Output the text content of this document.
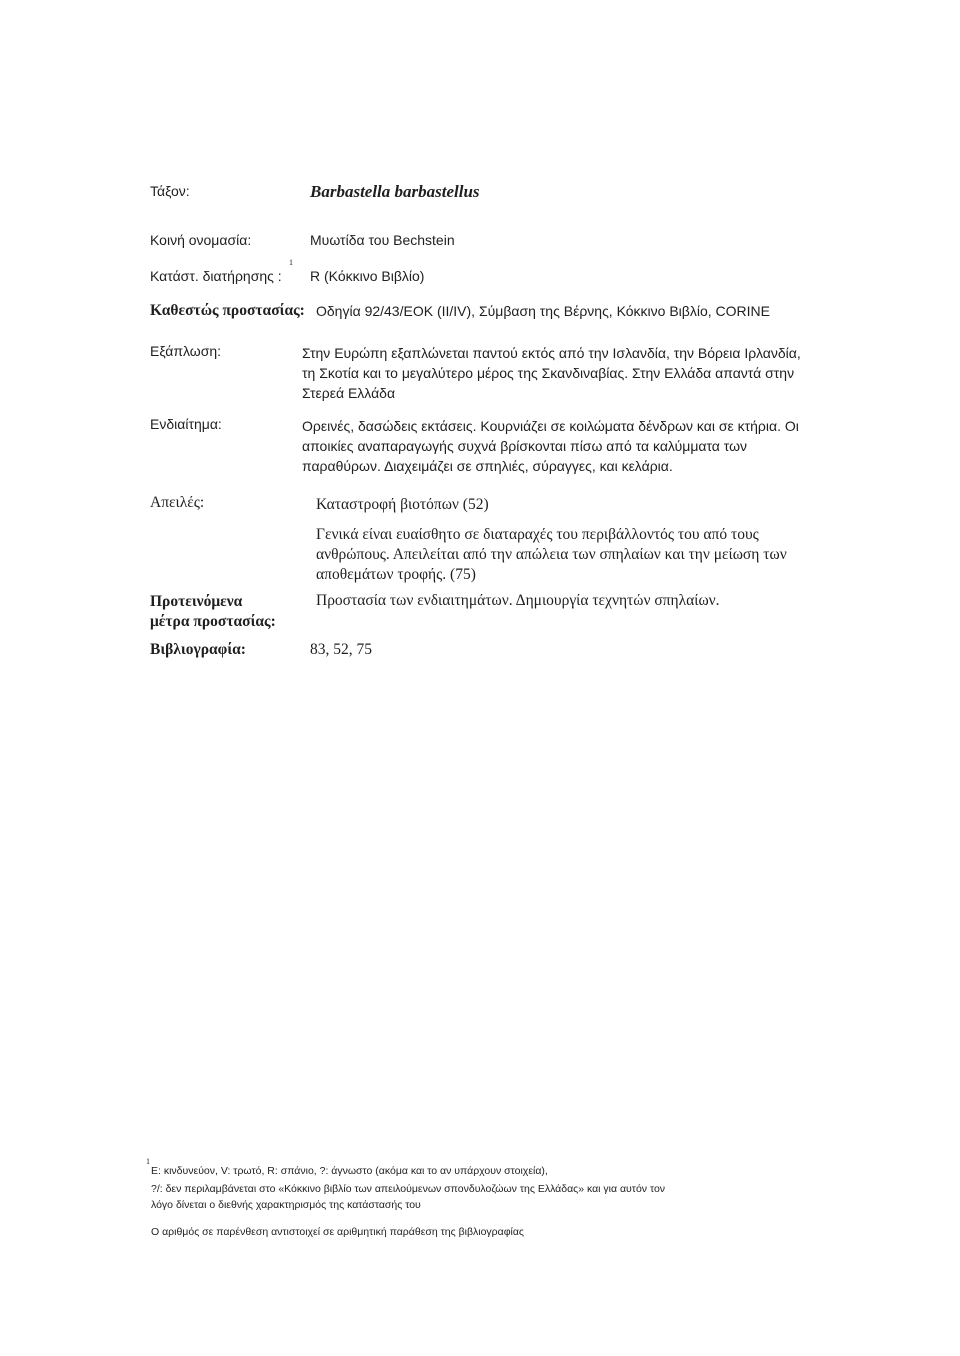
Τάξον:	Barbastella barbastellus
Κοινή ονομασία:	Μυωτίδα του Bechstein
1
Κατάστ. διατήρησης : R (Κόκκινο Βιβλίο)
Καθεστώς προστασίας: Οδηγία 92/43/ΕΟΚ (II/IV), Σύμβαση της Βέρνης, Κόκκινο Βιβλίο, CORINE
Εξάπλωση:	Στην Ευρώπη εξαπλώνεται παντού εκτός από την Ισλανδία, την Βόρεια Ιρλανδία,
τη Σκοτία και το μεγαλύτερο μέρος της Σκανδιναβίας. Στην Ελλάδα απαντά στην
Στερεά Ελλάδα
Ενδιαίτημα:	Ορεινές, δασώδεις εκτάσεις. Κουρνιάζει σε κοιλώματα δένδρων και σε κτήρια. Οι
αποικίες αναπαραγωγής συχνά βρίσκονται πίσω από τα καλύμματα των
παραθύρων. Διαχειμάζει σε σπηλιές, σύραγγες, και κελάρια.
Απειλές:	Καταστροφή βιοτόπων (52)
Γενικά είναι ευαίσθητο σε διαταραχές του περιβάλλοντός του από τους
ανθρώπους. Απειλείται από την απώλεια των σπηλαίων και την μείωση των
αποθεμάτων τροφής. (75)
Προτεινόμενα
μέτρα προστασίας:
Προστασία των ενδιαιτημάτων. Δημιουργία τεχνητών σπηλαίων.
Βιβλιογραφία:	83, 52, 75
1
E: κινδυνεύον, V: τρωτό, R: σπάνιο, ?: άγνωστο (ακόμα και το αν υπάρχουν στοιχεία),
?/: δεν περιλαμβάνεται στο «Κόκκινο βιβλίο των απειλούμενων σπονδυλοζώων της Ελλάδας» και για αυτόν τον
λόγο δίνεται ο διεθνής χαρακτηρισμός της κατάστασής του
Ο αριθμός σε παρένθεση αντιστοιχεί σε αριθμητική παράθεση της βιβλιογραφίας
